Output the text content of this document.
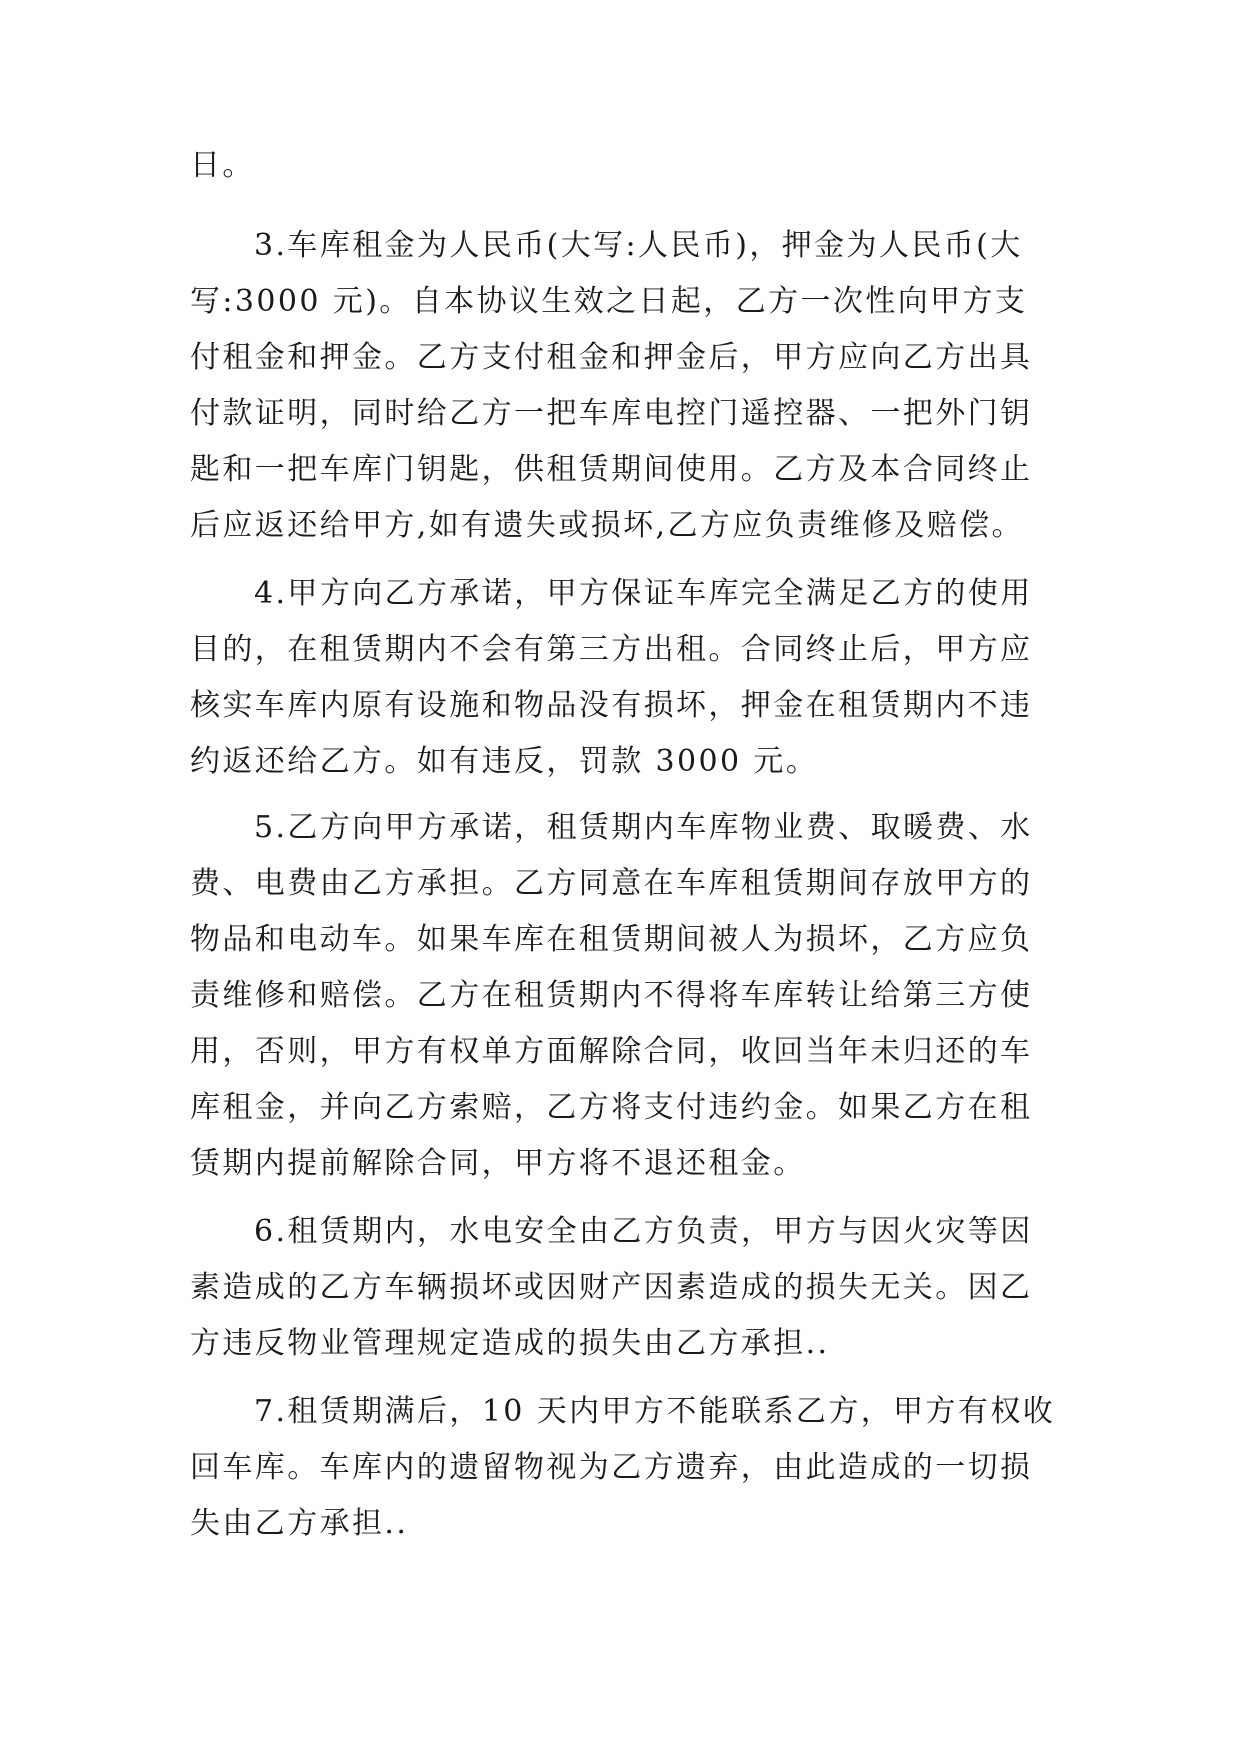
日。
3.车库租金为人民币(大写:人民币)，押金为人民币(大
写:3000 元)。自本协议生效之日起，乙方一次性向甲方支
付租金和押金。乙方支付租金和押金后，甲方应向乙方出具
付款证明，同时给乙方一把车库电控门遥控器、一把外门钥
匙和一把车库门钥匙，供租赁期间使用。乙方及本合同终止
后应返还给甲方,如有遗失或损坏,乙方应负责维修及赔偿。
4.甲方向乙方承诺，甲方保证车库完全满足乙方的使用
目的，在租赁期内不会有第三方出租。合同终止后，甲方应
核实车库内原有设施和物品没有损坏，押金在租赁期内不违
约返还给乙方。如有违反，罚款 3000 元。
5.乙方向甲方承诺，租赁期内车库物业费、取暖费、水
费、电费由乙方承担。乙方同意在车库租赁期间存放甲方的
物品和电动车。如果车库在租赁期间被人为损坏，乙方应负
责维修和赔偿。乙方在租赁期内不得将车库转让给第三方使
用，否则，甲方有权单方面解除合同，收回当年未归还的车
库租金，并向乙方索赔，乙方将支付违约金。如果乙方在租
赁期内提前解除合同，甲方将不退还租金。
6.租赁期内，水电安全由乙方负责，甲方与因火灾等因
素造成的乙方车辆损坏或因财产因素造成的损失无关。因乙
方违反物业管理规定造成的损失由乙方承担..
7.租赁期满后，10 天内甲方不能联系乙方，甲方有权收
回车库。车库内的遗留物视为乙方遗弃，由此造成的一切损
失由乙方承担..
